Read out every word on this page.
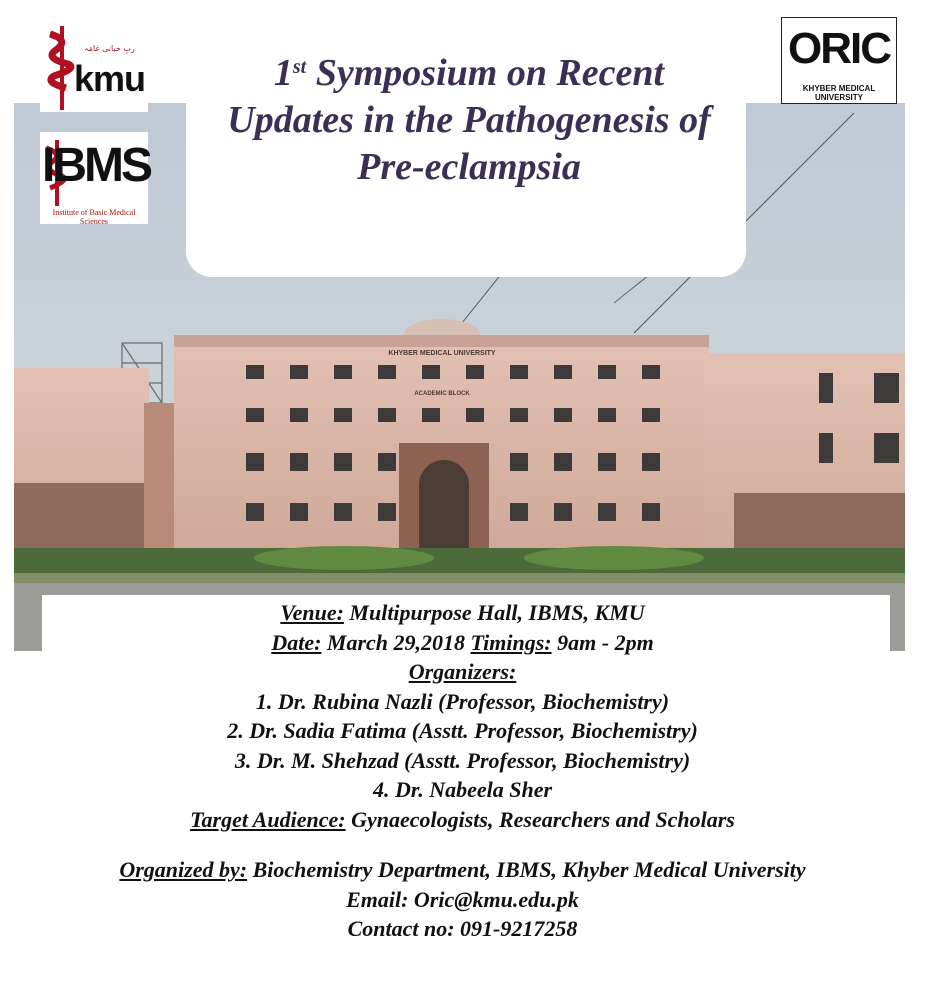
KHYBER MEDICAL UNIVERSITY
ACADEMIC BLOCK
1st Symposium on Recent
Updates in the Pathogenesis of
Pre-eclampsia
ربِ حبانی غامَہ
kmu
IBMS
Institute of Basic Medical Sciences
ORIC
KHYBER MEDICAL UNIVERSITY
Venue: Multipurpose Hall, IBMS, KMU
Date: March 29,2018 Timings: 9am - 2pm
Organizers:
1. Dr. Rubina Nazli (Professor, Biochemistry)
2. Dr. Sadia Fatima (Asstt. Professor, Biochemistry)
3. Dr. M. Shehzad (Asstt. Professor, Biochemistry)
4. Dr. Nabeela Sher
Target Audience: Gynaecologists, Researchers and Scholars
Organized by: Biochemistry Department, IBMS, Khyber Medical University
Email: Oric@kmu.edu.pk
Contact no: 091-9217258
